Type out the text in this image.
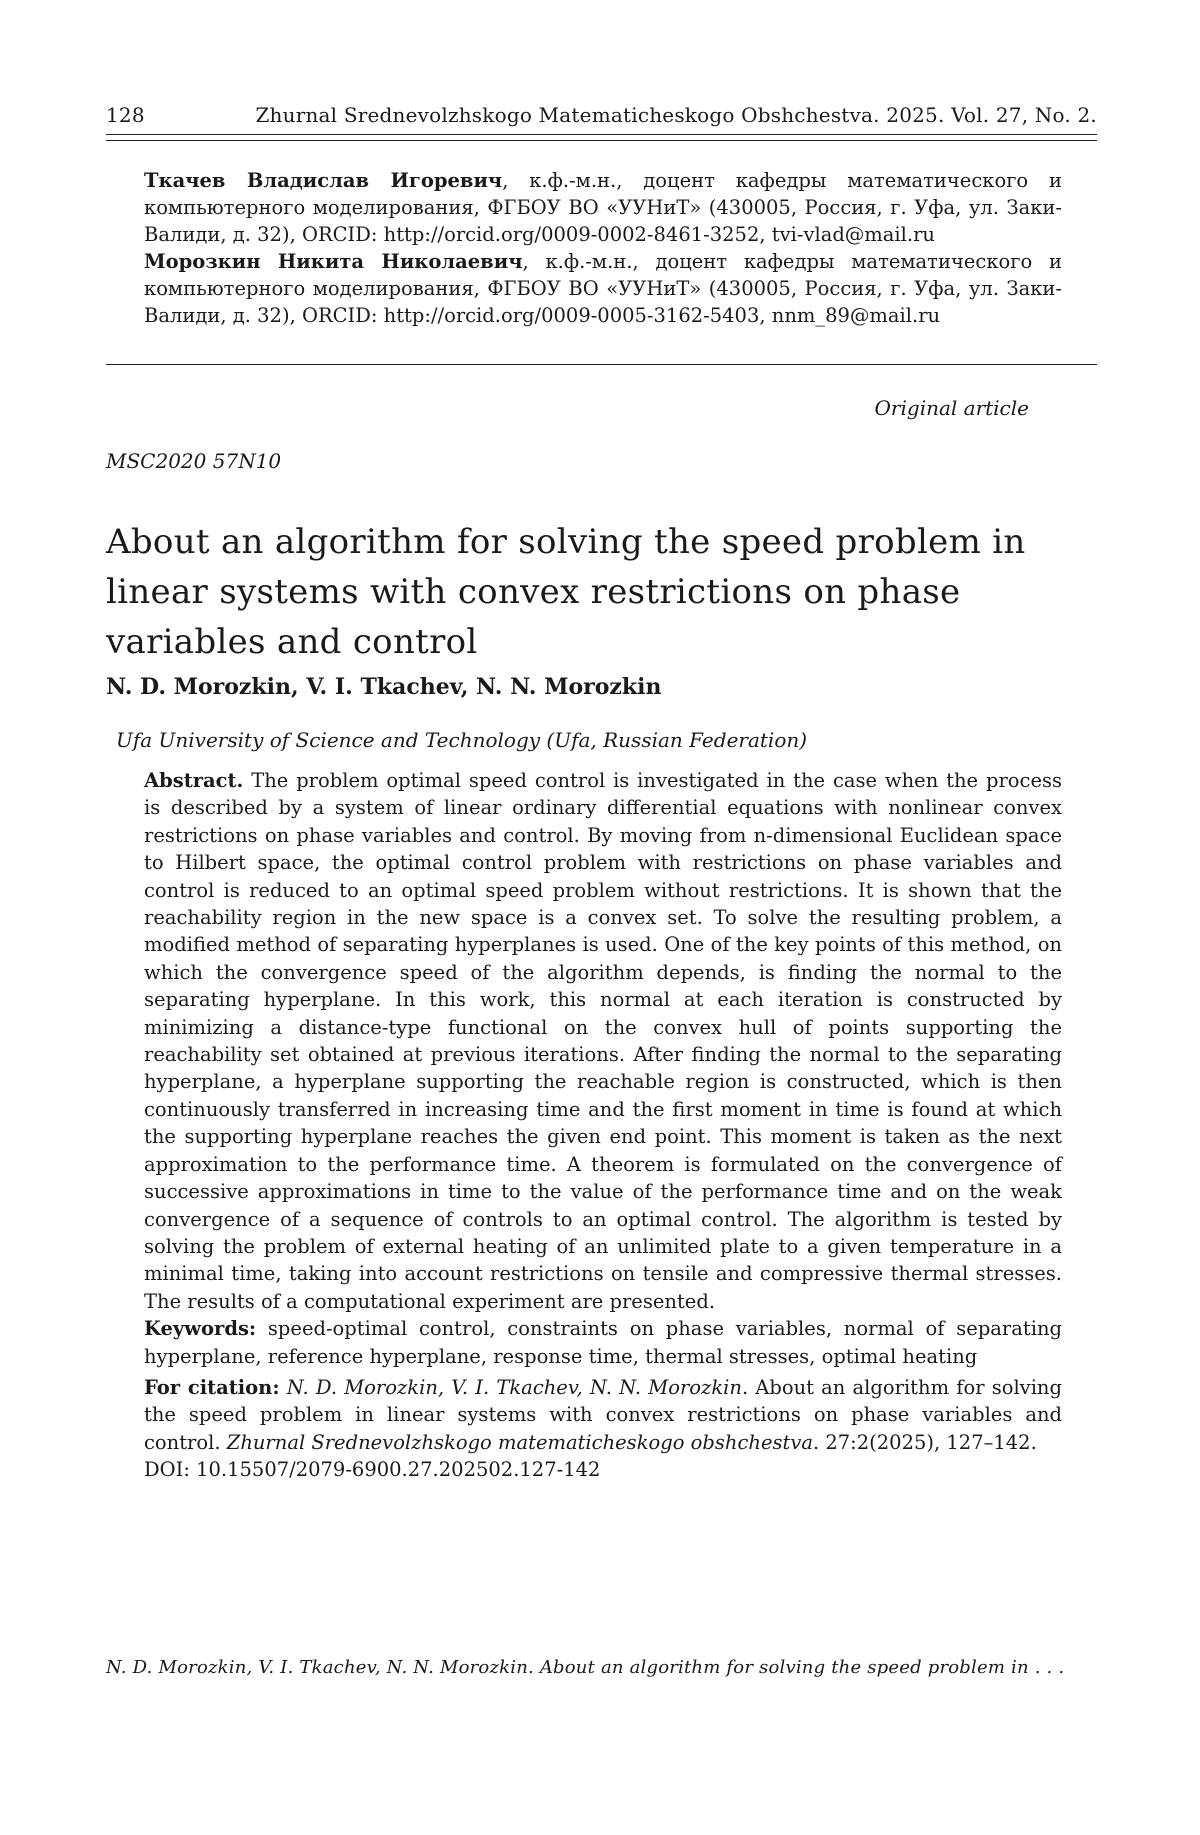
128	Zhurnal Srednevolzhskogo Matematicheskogo Obshchestva. 2025. Vol. 27, No. 2.

Ткачев Владислав Игоревич, к.ф.-м.н., доцент кафедры математического и компьютерного моделирования, ФГБОУ ВО «УУНиТ» (430005, Россия, г. Уфа, ул. Заки-Валиди, д. 32), ORCID: http://orcid.org/0009-0002-8461-3252, tvi-vlad@mail.ru

Морозкин Никита Николаевич, к.ф.-м.н., доцент кафедры математического и компьютерного моделирования, ФГБОУ ВО «УУНиТ» (430005, Россия, г. Уфа, ул. Заки-Валиди, д. 32), ORCID: http://orcid.org/0009-0005-3162-5403, nnm_89@mail.ru

Original article
MSC2020 57N10
About an algorithm for solving the speed problem in linear systems with convex restrictions on phase variables and control
N. D. Morozkin, V. I. Tkachev, N. N. Morozkin
Ufa University of Science and Technology (Ufa, Russian Federation)

Abstract. The problem optimal speed control is investigated in the case when the process is described by a system of linear ordinary differential equations with nonlinear convex restrictions on phase variables and control. By moving from n-dimensional Euclidean space to Hilbert space, the optimal control problem with restrictions on phase variables and control is reduced to an optimal speed problem without restrictions. It is shown that the reachability region in the new space is a convex set. To solve the resulting problem, a modified method of separating hyperplanes is used. One of the key points of this method, on which the convergence speed of the algorithm depends, is finding the normal to the separating hyperplane. In this work, this normal at each iteration is constructed by minimizing a distance-type functional on the convex hull of points supporting the reachability set obtained at previous iterations. After finding the normal to the separating hyperplane, a hyperplane supporting the reachable region is constructed, which is then continuously transferred in increasing time and the first moment in time is found at which the supporting hyperplane reaches the given end point. This moment is taken as the next approximation to the performance time. A theorem is formulated on the convergence of successive approximations in time to the value of the performance time and on the weak convergence of a sequence of controls to an optimal control. The algorithm is tested by solving the problem of external heating of an unlimited plate to a given temperature in a minimal time, taking into account restrictions on tensile and compressive thermal stresses. The results of a computational experiment are presented.

Keywords: speed-optimal control, constraints on phase variables, normal of separating hyperplane, reference hyperplane, response time, thermal stresses, optimal heating

For citation: N. D. Morozkin, V. I. Tkachev, N. N. Morozkin. About an algorithm for solving the speed problem in linear systems with convex restrictions on phase variables and control. Zhurnal Srednevolzhskogo matematicheskogo obshchestva. 27:2(2025), 127–142.
DOI: 10.15507/2079-6900.27.202502.127-142

N. D. Morozkin, V. I. Tkachev, N. N. Morozkin. About an algorithm for solving the speed problem in . . .
